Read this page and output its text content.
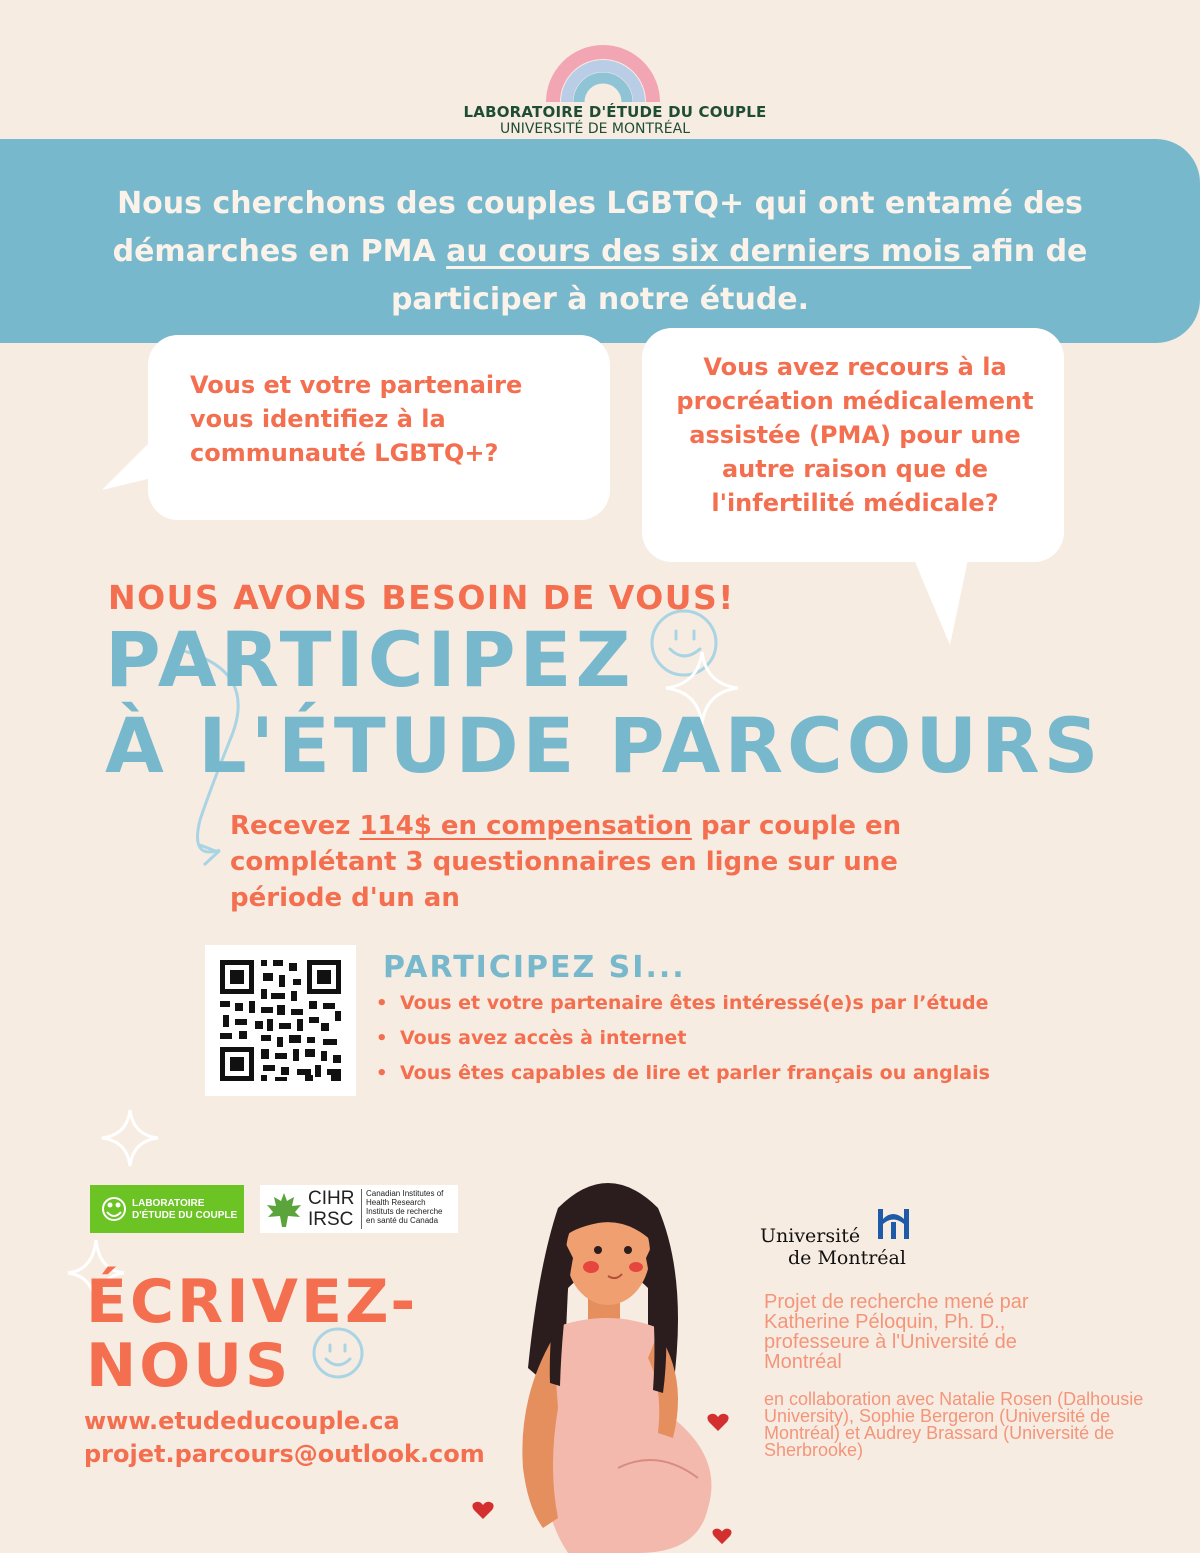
LABORATOIRE D'ÉTUDE DU COUPLE
UNIVERSITÉ DE MONTRÉAL
Nous cherchons des couples LGBTQ+ qui ont entamé des démarches en PMA au cours des six derniers mois afin de participer à notre étude.
Vous et votre partenaire vous identifiez à la communauté LGBTQ+?
Vous avez recours à la procréation médicalement assistée (PMA) pour une autre raison que de l'infertilité médicale?
NOUS AVONS BESOIN DE VOUS!
PARTICIPEZ
À L'ÉTUDE PARCOURS
Recevez 114$ en compensation par couple en complétant 3 questionnaires en ligne sur une période d'un an
PARTICIPEZ SI...
• Vous et votre partenaire êtes intéressé(e)s par l’étude
• Vous avez accès à internet
• Vous êtes capables de lire et parler français ou anglais
LABORATOIRE
D'ÉTUDE DU COUPLE
CIHR
IRSC
Canadian Institutes of
Health Research
Instituts de recherche
en santé du Canada
Université
de Montréal
ÉCRIVEZ-
NOUS
www.etudeducouple.ca
projet.parcours@outlook.com
Projet de recherche mené par Katherine Péloquin, Ph. D., professeure à l'Université de Montréal
en collaboration avec Natalie Rosen (Dalhousie University), Sophie Bergeron (Université de Montréal) et Audrey Brassard (Université de Sherbrooke)
